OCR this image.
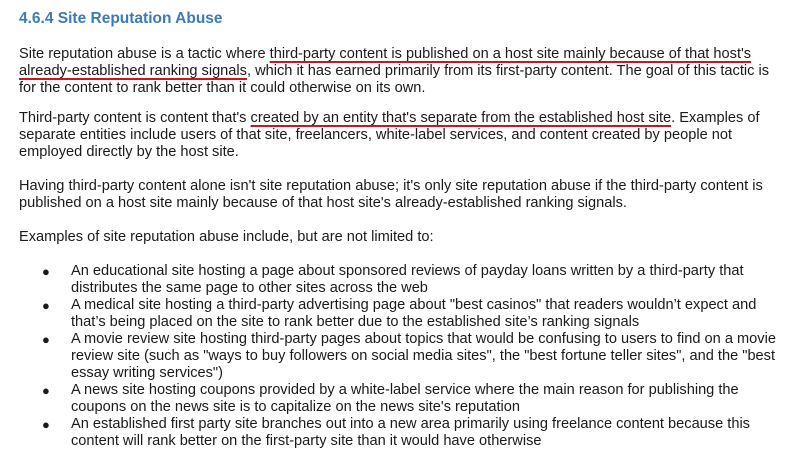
4.6.4 Site Reputation Abuse

Site reputation abuse is a tactic where third-party content is published on a host site mainly because of that host's already-established ranking signals, which it has earned primarily from its first-party content. The goal of this tactic is for the content to rank better than it could otherwise on its own.

Third-party content is content that's created by an entity that's separate from the established host site. Examples of separate entities include users of that site, freelancers, white-label services, and content created by people not employed directly by the host site.

Having third-party content alone isn't site reputation abuse; it's only site reputation abuse if the third-party content is published on a host site mainly because of that host site's already-established ranking signals.

Examples of site reputation abuse include, but are not limited to:

● An educational site hosting a page about sponsored reviews of payday loans written by a third-party that distributes the same page to other sites across the web
● A medical site hosting a third-party advertising page about "best casinos" that readers wouldn’t expect and that’s being placed on the site to rank better due to the established site’s ranking signals
● A movie review site hosting third-party pages about topics that would be confusing to users to find on a movie review site (such as "ways to buy followers on social media sites", the "best fortune teller sites", and the "best essay writing services")
● A news site hosting coupons provided by a white-label service where the main reason for publishing the coupons on the news site is to capitalize on the news site's reputation
● An established first party site branches out into a new area primarily using freelance content because this content will rank better on the first-party site than it would have otherwise
